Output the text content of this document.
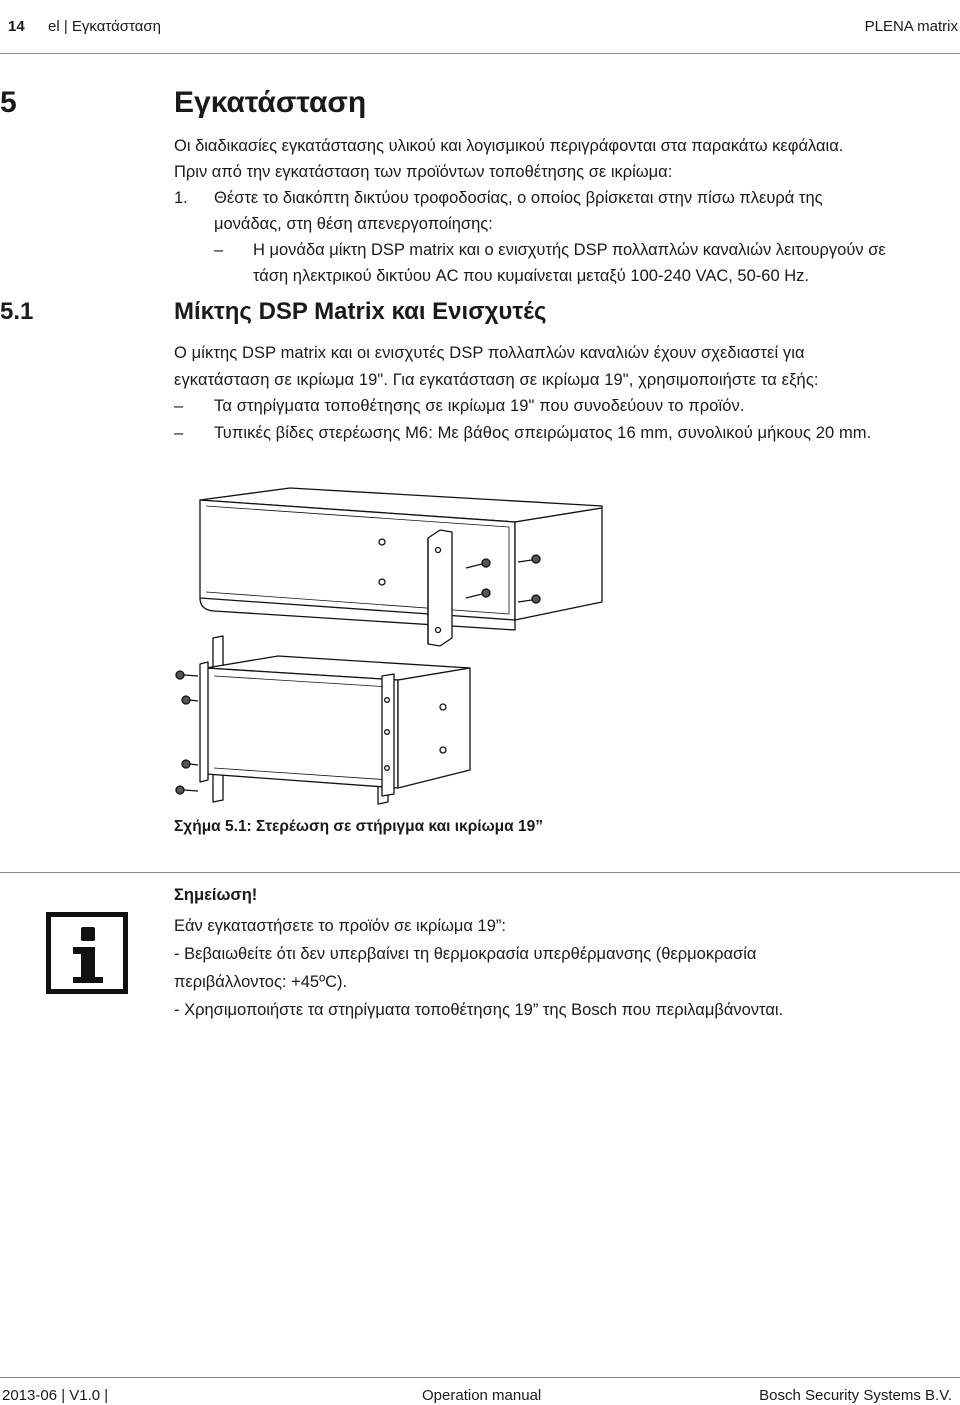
14 el | Εγκατάσταση	PLENA matrix
5	Εγκατάσταση
Οι διαδικασίες εγκατάστασης υλικού και λογισμικού περιγράφονται στα παρακάτω κεφάλαια.
Πριν από την εγκατάσταση των προϊόντων τοποθέτησης σε ικρίωμα:
1. Θέστε το διακόπτη δικτύου τροφοδοσίας, ο οποίος βρίσκεται στην πίσω πλευρά της
μονάδας, στη θέση απενεργοποίησης:
– Η μονάδα μίκτη DSP matrix και ο ενισχυτής DSP πολλαπλών καναλιών λειτουργούν σε
τάση ηλεκτρικού δικτύου AC που κυμαίνεται μεταξύ 100-240 VAC, 50-60 Hz.
5.1	Μίκτης DSP Matrix και Ενισχυτές
Ο μίκτης DSP matrix και οι ενισχυτές DSP πολλαπλών καναλιών έχουν σχεδιαστεί για
εγκατάσταση σε ικρίωμα 19". Για εγκατάσταση σε ικρίωμα 19", χρησιμοποιήστε τα εξής:
– Τα στηρίγματα τοποθέτησης σε ικρίωμα 19" που συνοδεύουν το προϊόν.
– Τυπικές βίδες στερέωσης M6: Με βάθος σπειρώματος 16 mm, συνολικού μήκους 20 mm.
Σχήμα 5.1: Στερέωση σε στήριγμα και ικρίωμα 19”
Σημείωση!
Εάν εγκαταστήσετε το προϊόν σε ικρίωμα 19”:
- Βεβαιωθείτε ότι δεν υπερβαίνει τη θερμοκρασία υπερθέρμανσης (θερμοκρασία
περιβάλλοντος: +45ºC).
- Χρησιμοποιήστε τα στηρίγματα τοποθέτησης 19” της Bosch που περιλαμβάνονται.
2013-06 | V1.0 |	Operation manual	Bosch Security Systems B.V.
